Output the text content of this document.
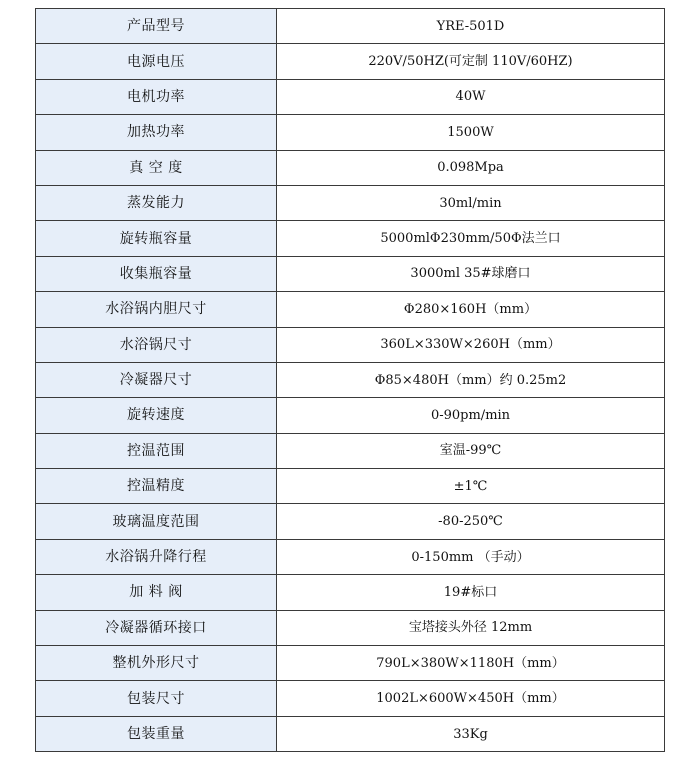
产品型号	YRE-501D
电源电压	220V/50HZ(可定制 110V/60HZ)
电机功率	40W
加热功率	1500W
真 空 度	0.098Mpa
蒸发能力	30ml/min
旋转瓶容量	5000mlΦ230mm/50Φ法兰口
收集瓶容量	3000ml 35#球磨口
水浴锅内胆尺寸	Φ280×160H（mm）
水浴锅尺寸	360L×330W×260H（mm）
冷凝器尺寸	Φ85×480H（mm）约 0.25m2
旋转速度	0-90pm/min
控温范围	室温-99℃
控温精度	±1℃
玻璃温度范围	-80-250℃
水浴锅升降行程	0-150mm （手动）
加 料 阀	19#标口
冷凝器循环接口	宝塔接头外径 12mm
整机外形尺寸	790L×380W×1180H（mm）
包装尺寸	1002L×600W×450H（mm）
包装重量	33Kg
